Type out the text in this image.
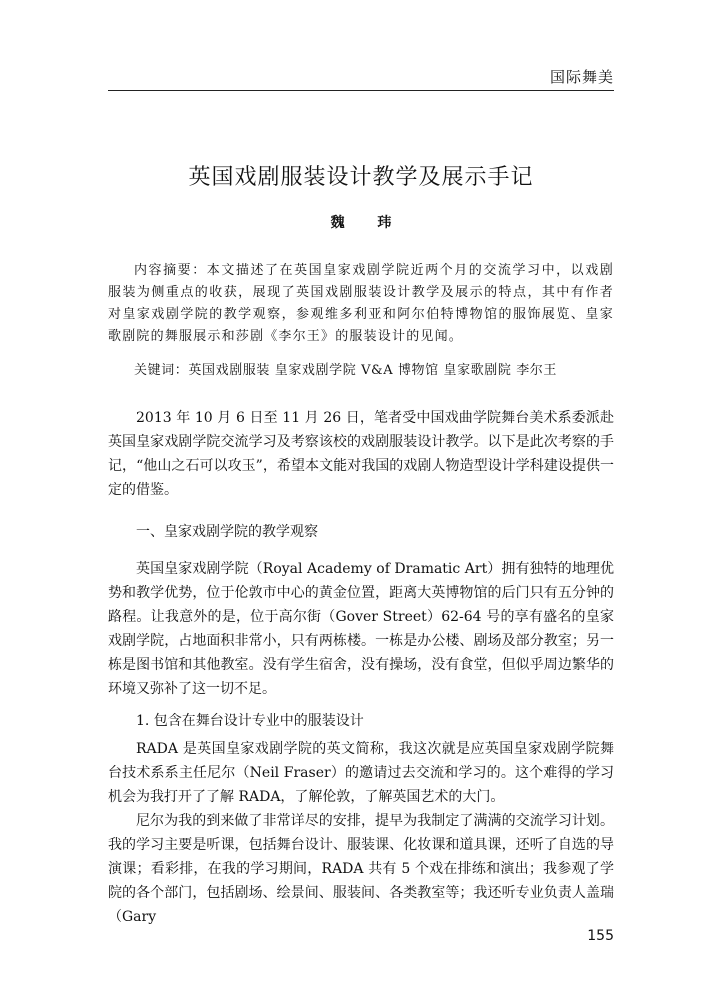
国际舞美
英国戏剧服装设计教学及展示手记
魏 玮
内容摘要：本文描述了在英国皇家戏剧学院近两个月的交流学习中，以戏剧服装为侧重点的收获，展现了英国戏剧服装设计教学及展示的特点，其中有作者对皇家戏剧学院的教学观察，参观维多利亚和阿尔伯特博物馆的服饰展览、皇家歌剧院的舞服展示和莎剧《李尔王》的服装设计的见闻。
关键词：英国戏剧服装 皇家戏剧学院 V&A 博物馆 皇家歌剧院 李尔王

2013 年 10 月 6 日至 11 月 26 日，笔者受中国戏曲学院舞台美术系委派赴英国皇家戏剧学院交流学习及考察该校的戏剧服装设计教学。以下是此次考察的手记，“他山之石可以攻玉”，希望本文能对我国的戏剧人物造型设计学科建设提供一定的借鉴。

一、皇家戏剧学院的教学观察

英国皇家戏剧学院（Royal Academy of Dramatic Art）拥有独特的地理优势和教学优势，位于伦敦市中心的黄金位置，距离大英博物馆的后门只有五分钟的路程。让我意外的是，位于高尔街（Gover Street）62-64 号的享有盛名的皇家戏剧学院，占地面积非常小，只有两栋楼。一栋是办公楼、剧场及部分教室；另一栋是图书馆和其他教室。没有学生宿舍，没有操场，没有食堂，但似乎周边繁华的环境又弥补了这一切不足。

1. 包含在舞台设计专业中的服装设计

RADA 是英国皇家戏剧学院的英文简称，我这次就是应英国皇家戏剧学院舞台技术系系主任尼尔（Neil Fraser）的邀请过去交流和学习的。这个难得的学习机会为我打开了了解 RADA，了解伦敦，了解英国艺术的大门。

尼尔为我的到来做了非常详尽的安排，提早为我制定了满满的交流学习计划。我的学习主要是听课，包括舞台设计、服装课、化妆课和道具课，还听了自选的导演课；看彩排，在我的学习期间，RADA 共有 5 个戏在排练和演出；我参观了学院的各个部门，包括剧场、绘景间、服装间、各类教室等；我还听专业负责人盖瑞（Gary

155
